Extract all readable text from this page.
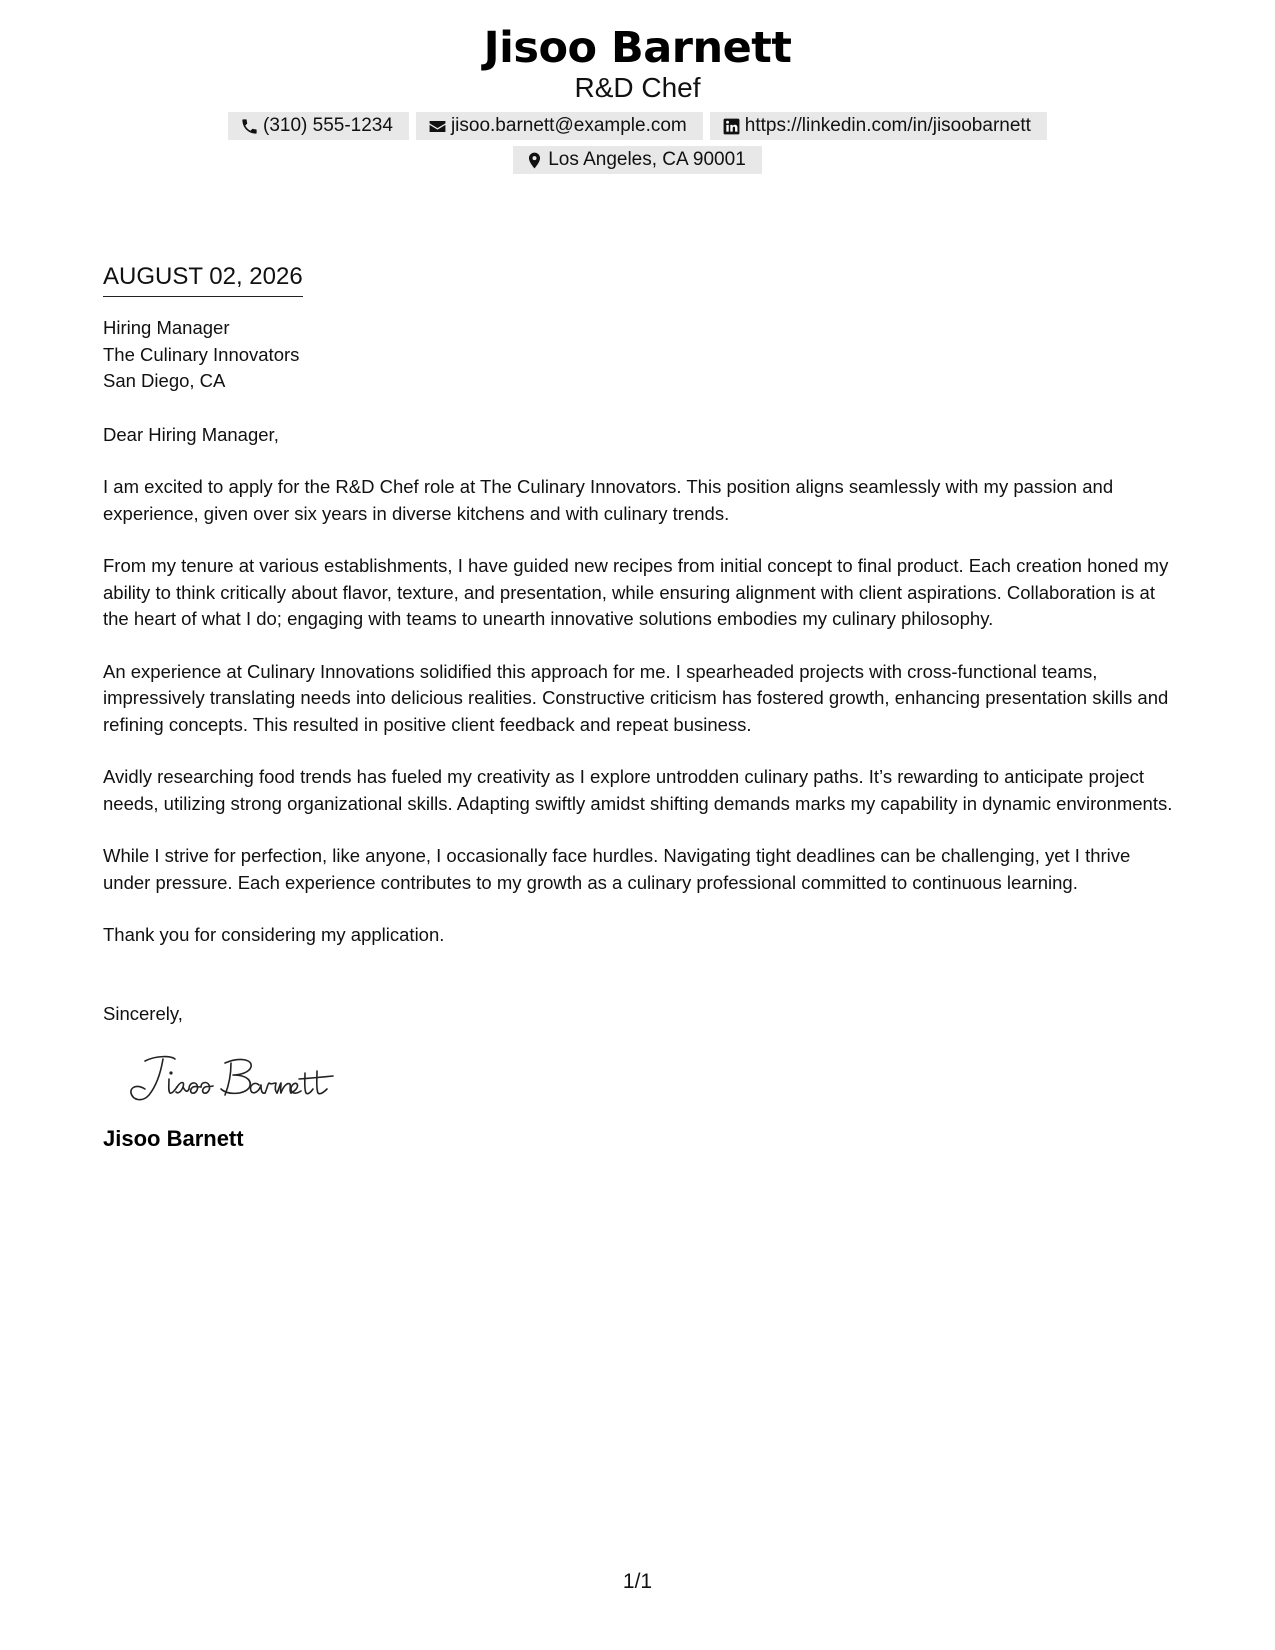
Jisoo Barnett
R&D Chef
(310) 555-1234	jisoo.barnett@example.com	https://linkedin.com/in/jisoobarnett
Los Angeles, CA 90001
AUGUST 02, 2026
Hiring Manager
The Culinary Innovators
San Diego, CA
Dear Hiring Manager,
I am excited to apply for the R&D Chef role at The Culinary Innovators. This position aligns seamlessly with my passion and experience, given over six years in diverse kitchens and with culinary trends.
From my tenure at various establishments, I have guided new recipes from initial concept to final product. Each creation honed my ability to think critically about flavor, texture, and presentation, while ensuring alignment with client aspirations. Collaboration is at the heart of what I do; engaging with teams to unearth innovative solutions embodies my culinary philosophy.
An experience at Culinary Innovations solidified this approach for me. I spearheaded projects with cross-functional teams, impressively translating needs into delicious realities. Constructive criticism has fostered growth, enhancing presentation skills and refining concepts. This resulted in positive client feedback and repeat business.
Avidly researching food trends has fueled my creativity as I explore untrodden culinary paths. It’s rewarding to anticipate project needs, utilizing strong organizational skills. Adapting swiftly amidst shifting demands marks my capability in dynamic environments.
While I strive for perfection, like anyone, I occasionally face hurdles. Navigating tight deadlines can be challenging, yet I thrive under pressure. Each experience contributes to my growth as a culinary professional committed to continuous learning.
Thank you for considering my application.
Sincerely,
Jisoo Barnett
1/1
